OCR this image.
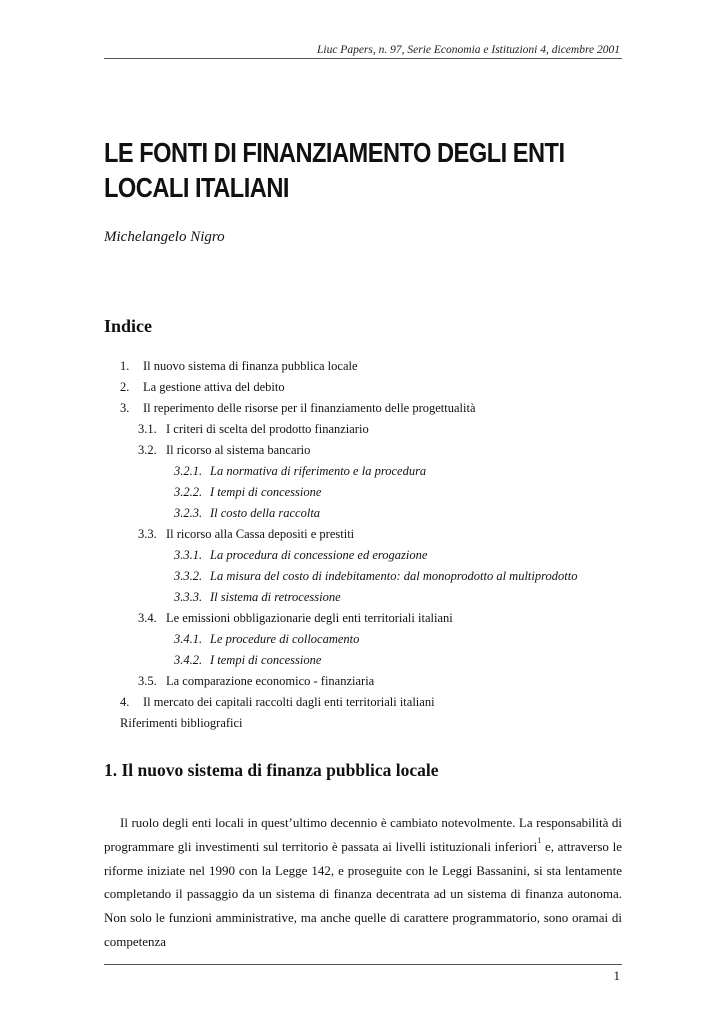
Liuc Papers, n. 97, Serie Economia e Istituzioni 4, dicembre 2001
LE FONTI DI FINANZIAMENTO DEGLI ENTI
LOCALI ITALIANI
Michelangelo Nigro
Indice
1. Il nuovo sistema di finanza pubblica locale
2. La gestione attiva del debito
3. Il reperimento delle risorse per il finanziamento delle progettualità
3.1. I criteri di scelta del prodotto finanziario
3.2. Il ricorso al sistema bancario
3.2.1. La normativa di riferimento e la procedura
3.2.2. I tempi di concessione
3.2.3. Il costo della raccolta
3.3. Il ricorso alla Cassa depositi e prestiti
3.3.1. La procedura di concessione ed erogazione
3.3.2. La misura del costo di indebitamento: dal monoprodotto al multiprodotto
3.3.3. Il sistema di retrocessione
3.4. Le emissioni obbligazionarie degli enti territoriali italiani
3.4.1. Le procedure di collocamento
3.4.2. I tempi di concessione
3.5. La comparazione economico - finanziaria
4. Il mercato dei capitali raccolti dagli enti territoriali italiani
Riferimenti bibliografici
1. Il nuovo sistema di finanza pubblica locale

Il ruolo degli enti locali in quest’ultimo decennio è cambiato notevolmente. La responsabilità di programmare gli investimenti sul territorio è passata ai livelli istituzionali inferiori$^1$ e, attraverso le riforme iniziate nel 1990 con la Legge 142, e proseguite con le Leggi Bassanini, si sta lentamente completando il passaggio da un sistema di finanza decentrata ad un sistema di finanza autonoma. Non solo le funzioni amministrative, ma anche quelle di carattere programmatorio, sono oramai di competenza

1
